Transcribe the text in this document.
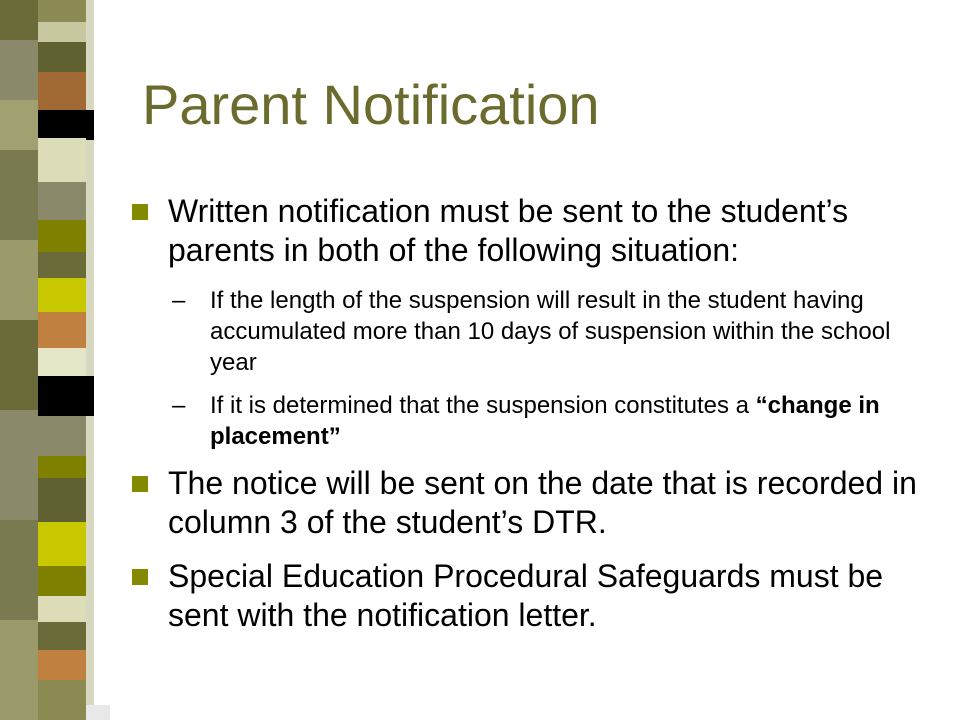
Parent Notification
Written notification must be sent to the student’s parents in both of the following situation:
– If the length of the suspension will result in the student having accumulated more than 10 days of suspension within the school year
– If it is determined that the suspension constitutes a “change in placement”
The notice will be sent on the date that is recorded in column 3 of the student’s DTR.
Special Education Procedural Safeguards must be sent with the notification letter.
